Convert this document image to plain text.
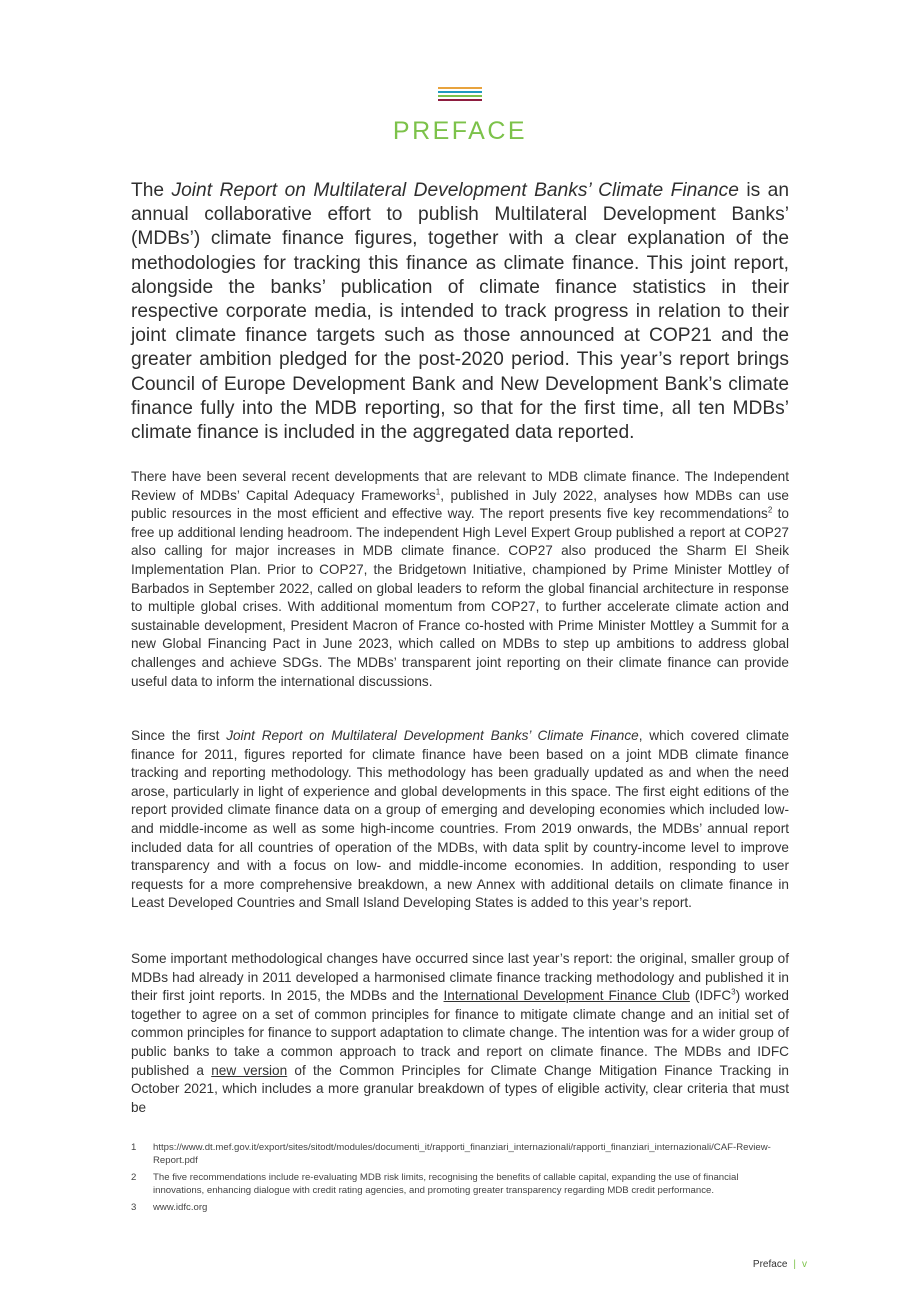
PREFACE

The Joint Report on Multilateral Development Banks’ Climate Finance is an annual collaborative effort to publish Multilateral Development Banks’ (MDBs’) climate finance figures, together with a clear explanation of the methodologies for tracking this finance as climate finance. This joint report, alongside the banks’ publication of climate finance statistics in their respective corporate media, is intended to track progress in relation to their joint climate finance targets such as those announced at COP21 and the greater ambition pledged for the post-2020 period. This year’s report brings Council of Europe Development Bank and New Development Bank’s climate finance fully into the MDB reporting, so that for the first time, all ten MDBs’ climate finance is included in the aggregated data reported.

There have been several recent developments that are relevant to MDB climate finance. The Independent Review of MDBs’ Capital Adequacy Frameworks$^1$, published in July 2022, analyses how MDBs can use public resources in the most efficient and effective way. The report presents five key recommendations$^2$ to free up additional lending headroom. The independent High Level Expert Group published a report at COP27 also calling for major increases in MDB climate finance. COP27 also produced the Sharm El Sheik Implementation Plan. Prior to COP27, the Bridgetown Initiative, championed by Prime Minister Mottley of Barbados in September 2022, called on global leaders to reform the global financial architecture in response to multiple global crises. With additional momentum from COP27, to further accelerate climate action and sustainable development, President Macron of France co-hosted with Prime Minister Mottley a Summit for a new Global Financing Pact in June 2023, which called on MDBs to step up ambitions to address global challenges and achieve SDGs. The MDBs’ transparent joint reporting on their climate finance can provide useful data to inform the international discussions.

Since the first Joint Report on Multilateral Development Banks’ Climate Finance, which covered climate finance for 2011, figures reported for climate finance have been based on a joint MDB climate finance tracking and reporting methodology. This methodology has been gradually updated as and when the need arose, particularly in light of experience and global developments in this space. The first eight editions of the report provided climate finance data on a group of emerging and developing economies which included low- and middle-income as well as some high-income countries. From 2019 onwards, the MDBs’ annual report included data for all countries of operation of the MDBs, with data split by country-income level to improve transparency and with a focus on low- and middle-income economies. In addition, responding to user requests for a more comprehensive breakdown, a new Annex with additional details on climate finance in Least Developed Countries and Small Island Developing States is added to this year’s report.

Some important methodological changes have occurred since last year’s report: the original, smaller group of MDBs had already in 2011 developed a harmonised climate finance tracking methodology and published it in their first joint reports. In 2015, the MDBs and the International Development Finance Club (IDFC$^3$) worked together to agree on a set of common principles for finance to mitigate climate change and an initial set of common principles for finance to support adaptation to climate change. The intention was for a wider group of public banks to take a common approach to track and report on climate finance. The MDBs and IDFC published a new version of the Common Principles for Climate Change Mitigation Finance Tracking in October 2021, which includes a more granular breakdown of types of eligible activity, clear criteria that must be

1 https://www.dt.mef.gov.it/export/sites/sitodt/modules/documenti_it/rapporti_finanziari_internazionali/rapporti_finanziari_internazionali/CAF-Review-Report.pdf
2 The five recommendations include re-evaluating MDB risk limits, recognising the benefits of callable capital, expanding the use of financial innovations, enhancing dialogue with credit rating agencies, and promoting greater transparency regarding MDB credit performance.
3 www.idfc.org
Preface | v
